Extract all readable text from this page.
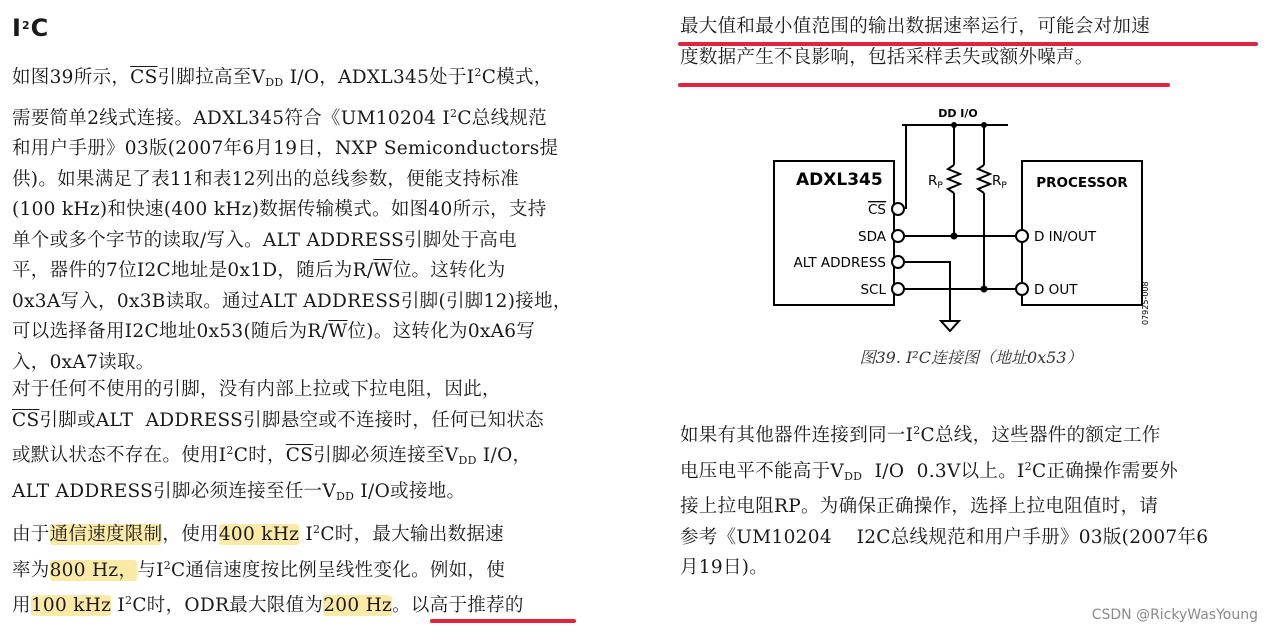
$I^2C$
如图39所示，$\overline{CS}$引脚拉高至$V_{DD}$ I/O，ADXL345处于$I^2C$模式，
需要简单2线式连接。ADXL345符合《UM10204 $I^2C$总线规范
和用户手册》03版(2007年6月19日，NXP Semiconductors提
供)。如果满足了表11和表12列出的总线参数，便能支持标准
(100 kHz)和快速(400 kHz)数据传输模式。如图40所示，支持
单个或多个字节的读取/写入。ALT ADDRESS引脚处于高电
平，器件的7位I2C地址是0x1D，随后为$R/\overline{W}$位。这转化为
0x3A写入，0x3B读取。通过ALT ADDRESS引脚(引脚12)接地，
可以选择备用I2C地址0x53(随后为$R/\overline{W}$位)。这转化为0xA6写
入，0xA7读取。
对于任何不使用的引脚，没有内部上拉或下拉电阻，因此，
$\overline{CS}$引脚或ALT  ADDRESS引脚悬空或不连接时，任何已知状态
或默认状态不存在。使用$I^2C$时，$\overline{CS}$引脚必须连接至$V_{DD}$ I/O，
ALT ADDRESS引脚必须连接至任一$V_{DD}$ I/O或接地。
由于通信速度限制，使用400 kHz $I^2C$时，最大输出数据速
率为800 Hz，与$I^2C$通信速度按比例呈线性变化。例如，使
用100 kHz $I^2C$时，ODR最大限值为200 Hz。以高于推荐的
最大值和最小值范围的输出数据速率运行，可能会对加速
度数据产生不良影响，包括采样丢失或额外噪声。
DD I/O
ADXL345
CS
SDA
ALT ADDRESS
SCL
$R_P$	$R_P$ PROCESSOR
D IN/OUT
D OUT	07925-008
图39. I²C连接图（地址0x53）
如果有其他器件连接到同一$I^2C$总线，这些器件的额定工作
电压电平不能高于$V_{DD}$  I/O  0.3V以上。$I^2C$正确操作需要外
接上拉电阻RP。为确保正确操作，选择上拉电阻值时，请
参考《UM10204    I2C总线规范和用户手册》03版(2007年6
月19日)。
CSDN @RickyWasYoung
